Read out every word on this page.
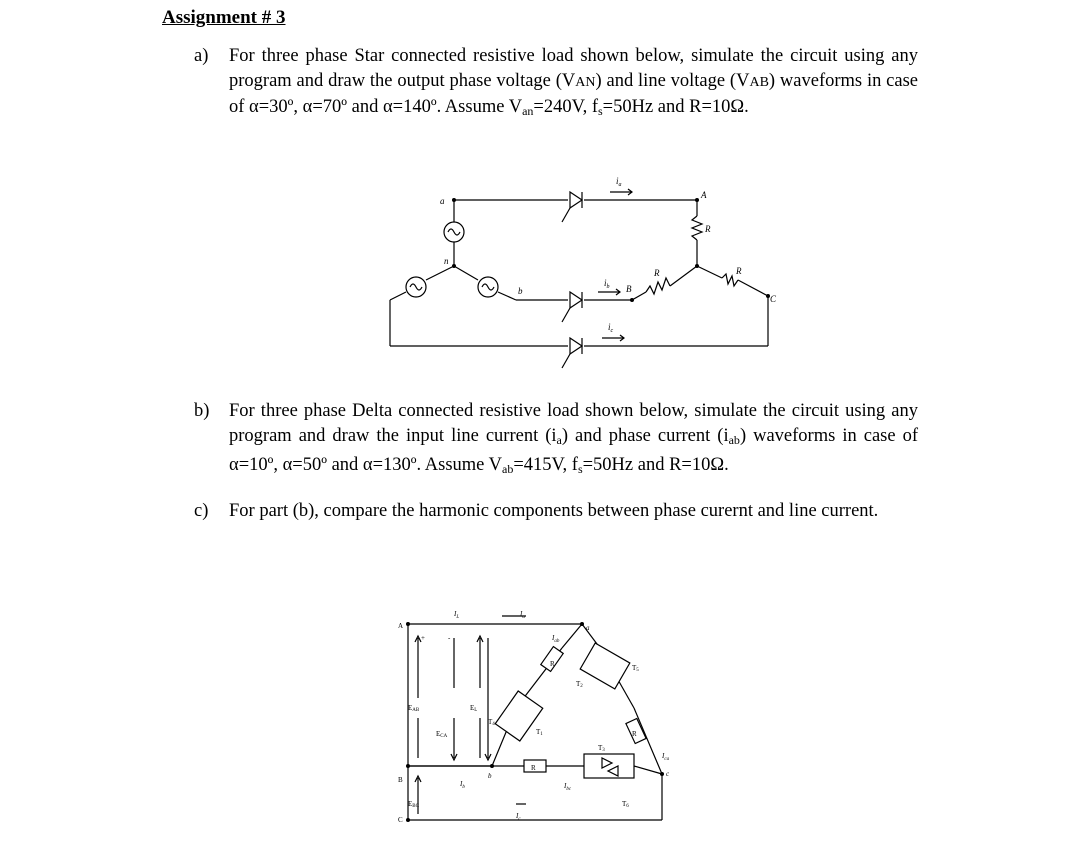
Assignment # 3
a) For three phase Star connected resistive load shown below, simulate the circuit using any program and draw the output phase voltage (VAN) and line voltage (VAB) waveforms in case of α=30º, α=70º and α=140º. Assume $V_{an}=240V$, $f_s=50Hz$ and R=10Ω.
a
n
b
A
B
C
R
R	R
$i_a$
$i_b$
$i_c$
b) For three phase Delta connected resistive load shown below, simulate the circuit using any program and draw the input line current $(i_a)$ and phase current $(i_{ab})$ waveforms in case of α=10º, α=50º and α=130º. Assume $V_{ab}=415V$, $f_s=50Hz$ and R=10Ω.
c) For part (b), compare the harmonic components between phase curernt and line current.
A
B
C
a
b	c
$I_L$	$I_a$
$I_{ab}$
$I_b$	$I_{bc}$
$I_c$
$I_{ca}$
EAB	EL
ECA
EBC
T1
T2
T3
T4
T5
T6
R
R
R
+	-
